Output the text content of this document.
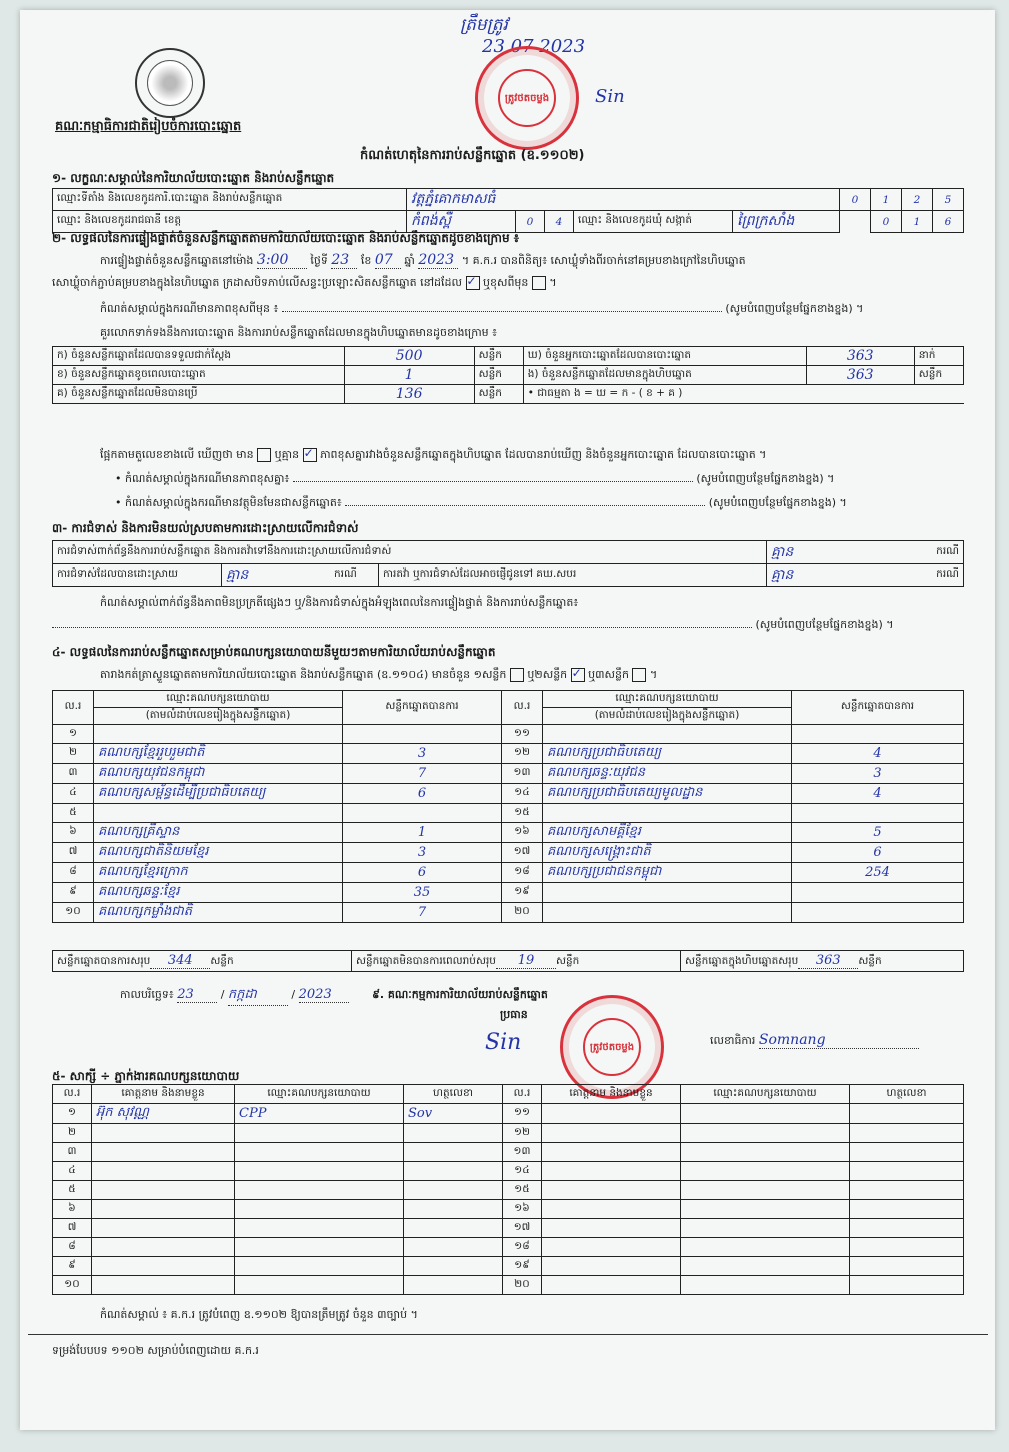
គណៈកម្មាធិការជាតិរៀបចំការបោះឆ្នោត
ត្រឹមត្រូវ
23 07 2023
ត្រូវថតចម្លង	Sin
កំណត់ហេតុនៃការរាប់សន្លឹកឆ្នោត (ឧ.១១០២)
១- លក្ខណៈសម្គាល់នៃការិយាល័យបោះឆ្នោត និងរាប់សន្លឹកឆ្នោត
ឈ្មោះទីតាំង និងលេខកូដការិ.បោះឆ្នោត និងរាប់សន្លឹកឆ្នោត	វត្តភ្នំគោកមាសធំ					0	1	2	5
ឈ្មោះ និងលេខកូដរាជធានី ខេត្ត	កំពង់ស្ពឺ	0	4	ឈ្មោះ និងលេខកូដឃុំ សង្កាត់	ព្រៃក្រសាំង		0	1	6
២- លទ្ធផលនៃការផ្ទៀងផ្ទាត់ចំនួនសន្លឹកឆ្នោតតាមការិយាល័យបោះឆ្នោត និងរាប់សន្លឹកឆ្នោតដូចខាងក្រោម ៖
ការផ្ទៀងផ្ទាត់ចំនួនសន្លឹកឆ្នោតនៅម៉ោង 3:00 ថ្ងៃទី 23 ខែ 07 ឆ្នាំ 2023 ។ គ.ក.រ បានពិនិត្យ៖ សោឃ្លុំទាំងពីរចាក់នៅគម្របខាងក្រៅនៃហិបឆ្នោត
សោឃ្លុំចាក់ភ្ជាប់គម្របខាងក្នុងនៃហិបឆ្នោត ក្រដាសបិទភាប់លើសន្ទះប្រឡោះសិតសន្លឹកឆ្នោត នៅដដែល ✓ ឬខុសពីមុន  ។
កំណត់សម្គាល់ក្នុងករណីមានភាពខុសពីមុន ៖	(សូមបំពេញបន្ថែមផ្នែកខាងខ្នង) ។
គួរលោកទាក់ទងនឹងការបោះឆ្នោត និងការរាប់សន្លឹកឆ្នោតដែលមានក្នុងហិបឆ្នោតមានដូចខាងក្រោម ៖
ក) ចំនួនសន្លឹកឆ្នោតដែលបានទទួលជាក់ស្ដែង	500	សន្លឹក	ឃ) ចំនួនអ្នកបោះឆ្នោតដែលបានបោះឆ្នោត	363	នាក់
ខ) ចំនួនសន្លឹកឆ្នោតខូចពេលបោះឆ្នោត	1	សន្លឹក	ង) ចំនួនសន្លឹកឆ្នោតដែលមានក្នុងហិបឆ្នោត	363	សន្លឹក
គ) ចំនួនសន្លឹកឆ្នោតដែលមិនបានប្រើ	136	សន្លឹក	• ជាធម្មតា ង = ឃ = ក - ( ខ + គ )		
ផ្អែកតាមតួលេខខាងលើ ឃើញថា មាន ឬគ្មាន ✓ ភាពខុសគ្នារវាងចំនួនសន្លឹកឆ្នោតក្នុងហិបឆ្នោត ដែលបានរាប់ឃើញ និងចំនួនអ្នកបោះឆ្នោត ដែលបានបោះឆ្នោត ។
• កំណត់សម្គាល់ក្នុងករណីមានភាពខុសគ្នា៖	(សូមបំពេញបន្ថែមផ្នែកខាងខ្នង) ។
• កំណត់សម្គាល់ក្នុងករណីមានវត្ថុមិនមែនជាសន្លឹកឆ្នោត៖	(សូមបំពេញបន្ថែមផ្នែកខាងខ្នង) ។
៣- ការជំទាស់ និងការមិនយល់ស្របតាមការដោះស្រាយលើការជំទាស់
ការជំទាស់ពាក់ព័ន្ធនឹងការរាប់សន្លឹកឆ្នោត និងការតវ៉ាទៅនឹងការដោះស្រាយលើការជំទាស់				គ្មាន	ករណី
ការជំទាស់ដែលបានដោះស្រាយ	គ្មាន	ករណី	ការតវ៉ា ឬការជំទាស់ដែលអាចផ្ញើជូនទៅ គឃ.សបរ	គ្មាន	ករណី
កំណត់សម្គាល់ពាក់ព័ន្ធនឹងភាពមិនប្រក្រតីផ្សេងៗ ឬ/និងការជំទាស់ក្នុងអំឡុងពេលនៃការផ្ទៀងផ្ទាត់ និងការរាប់សន្លឹកឆ្នោត៖
(សូមបំពេញបន្ថែមផ្នែកខាងខ្នង) ។
៤- លទ្ធផលនៃការរាប់សន្លឹកឆ្នោតសម្រាប់គណបក្សនយោបាយនីមួយៗតាមការិយាល័យរាប់សន្លឹកឆ្នោត
តារាងកត់ត្រាស្ទួនឆ្នោតតាមការិយាល័យបោះឆ្នោត និងរាប់សន្លឹកឆ្នោត (ឧ.១១០៤) មានចំនួន ១សន្លឹក ឬ២សន្លឹក ✓ ឬ៣សន្លឹក  ។
ល.រ	ឈ្មោះគណបក្សនយោបាយ	សន្លឹកឆ្នោតបានការ	ល.រ	ឈ្មោះគណបក្សនយោបាយ	សន្លឹកឆ្នោតបានការ
	(តាមលំដាប់លេខរៀងក្នុងសន្លឹកឆ្នោត)			(តាមលំដាប់លេខរៀងក្នុងសន្លឹកឆ្នោត)	
១			១១		
២	គណបក្សខ្មែររួបរួមជាតិ	3	១២	គណបក្សប្រជាធិបតេយ្យ	4
៣	គណបក្សយុវជនកម្ពុជា	7	១៣	គណបក្សឆន្ទៈយុវជន	3
៤	គណបក្សសម្ព័ន្ធដើម្បីប្រជាធិបតេយ្យ	6	១៤	គណបក្សប្រជាធិបតេយ្យមូលដ្ឋាន	4
៥			១៥		
៦	គណបក្សគ្រីស្ទាន	1	១៦	គណបក្សសាមគ្គីខ្មែរ	5
៧	គណបក្សជាតិនិយមខ្មែរ	3	១៧	គណបក្សសង្គ្រោះជាតិ	6
៨	គណបក្សខ្មែរក្រោក	6	១៨	គណបក្សប្រជាជនកម្ពុជា	254
៩	គណបក្សឆន្ទៈខ្មែរ	35	១៩		
១០	គណបក្សកម្លាំងជាតិ	7	២០		
សន្លឹកឆ្នោតបានការសរុប 344 សន្លឹក	សន្លឹកឆ្នោតមិនបានការពេលរាប់សរុប 19 សន្លឹក	សន្លឹកឆ្នោតក្នុងហិបឆ្នោតសរុប 363 សន្លឹក
កាលបរិច្ឆេទ៖ 23 / កក្កដា	/ 2023	៩. គណៈកម្មការការិយាល័យរាប់សន្លឹកឆ្នោត
ប្រធាន
Sin	ត្រូវថតចម្លង	លេខាធិការ Somnang
៥- សាក្សី ÷ ភ្នាក់ងារគណបក្សនយោបាយ
ល.រ	គោត្តនាម និងនាមខ្លួន	ឈ្មោះគណបក្សនយោបាយ	ហត្ថលេខា	ល.រ	គោត្តនាម និងនាមខ្លួន	ឈ្មោះគណបក្សនយោបាយ	ហត្ថលេខា
១	អ៊ុក សុវណ្ណ	CPP	Sov	១១			
២				១២			
៣				១៣			
៤				១៤			
៥				១៥			
៦				១៦			
៧				១៧			
៨				១៨			
៩				១៩			
១០				២០			
កំណត់សម្គាល់ ៖ គ.ក.រ ត្រូវបំពេញ ឧ.១១០២ ឱ្យបានត្រឹមត្រូវ ចំនួន ៣ច្បាប់ ។
ទម្រង់បែបបទ ១១០២ សម្រាប់បំពេញដោយ គ.ក.រ
